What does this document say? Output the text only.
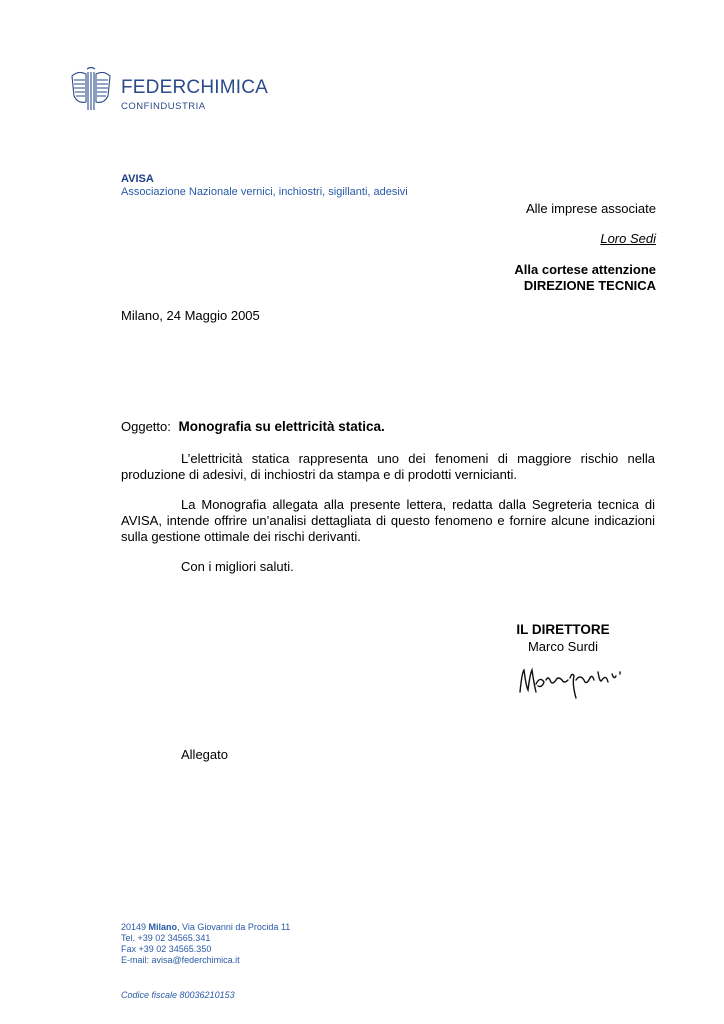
FEDERCHIMICA
CONFINDUSTRIA
AVISA
Associazione Nazionale vernici, inchiostri, sigillanti, adesivi
Alle imprese associate
Loro Sedi
Alla cortese attenzione
DIREZIONE TECNICA
Milano, 24 Maggio 2005
Oggetto: Monografia su elettricità statica.
L’elettricità statica rappresenta uno dei fenomeni di maggiore rischio nella produzione di adesivi, di inchiostri da stampa e di prodotti vernicianti.
La Monografia allegata alla presente lettera, redatta dalla Segreteria tecnica di AVISA, intende offrire un’analisi dettagliata di questo fenomeno e fornire alcune indicazioni sulla gestione ottimale dei rischi derivanti.
Con i migliori saluti.
IL DIRETTORE
Marco Surdi
Allegato
20149 Milano, Via Giovanni da Procida 11
Tel. +39 02 34565.341
Fax +39 02 34565.350
E-mail: avisa@federchimica.it
Codice fiscale 80036210153
